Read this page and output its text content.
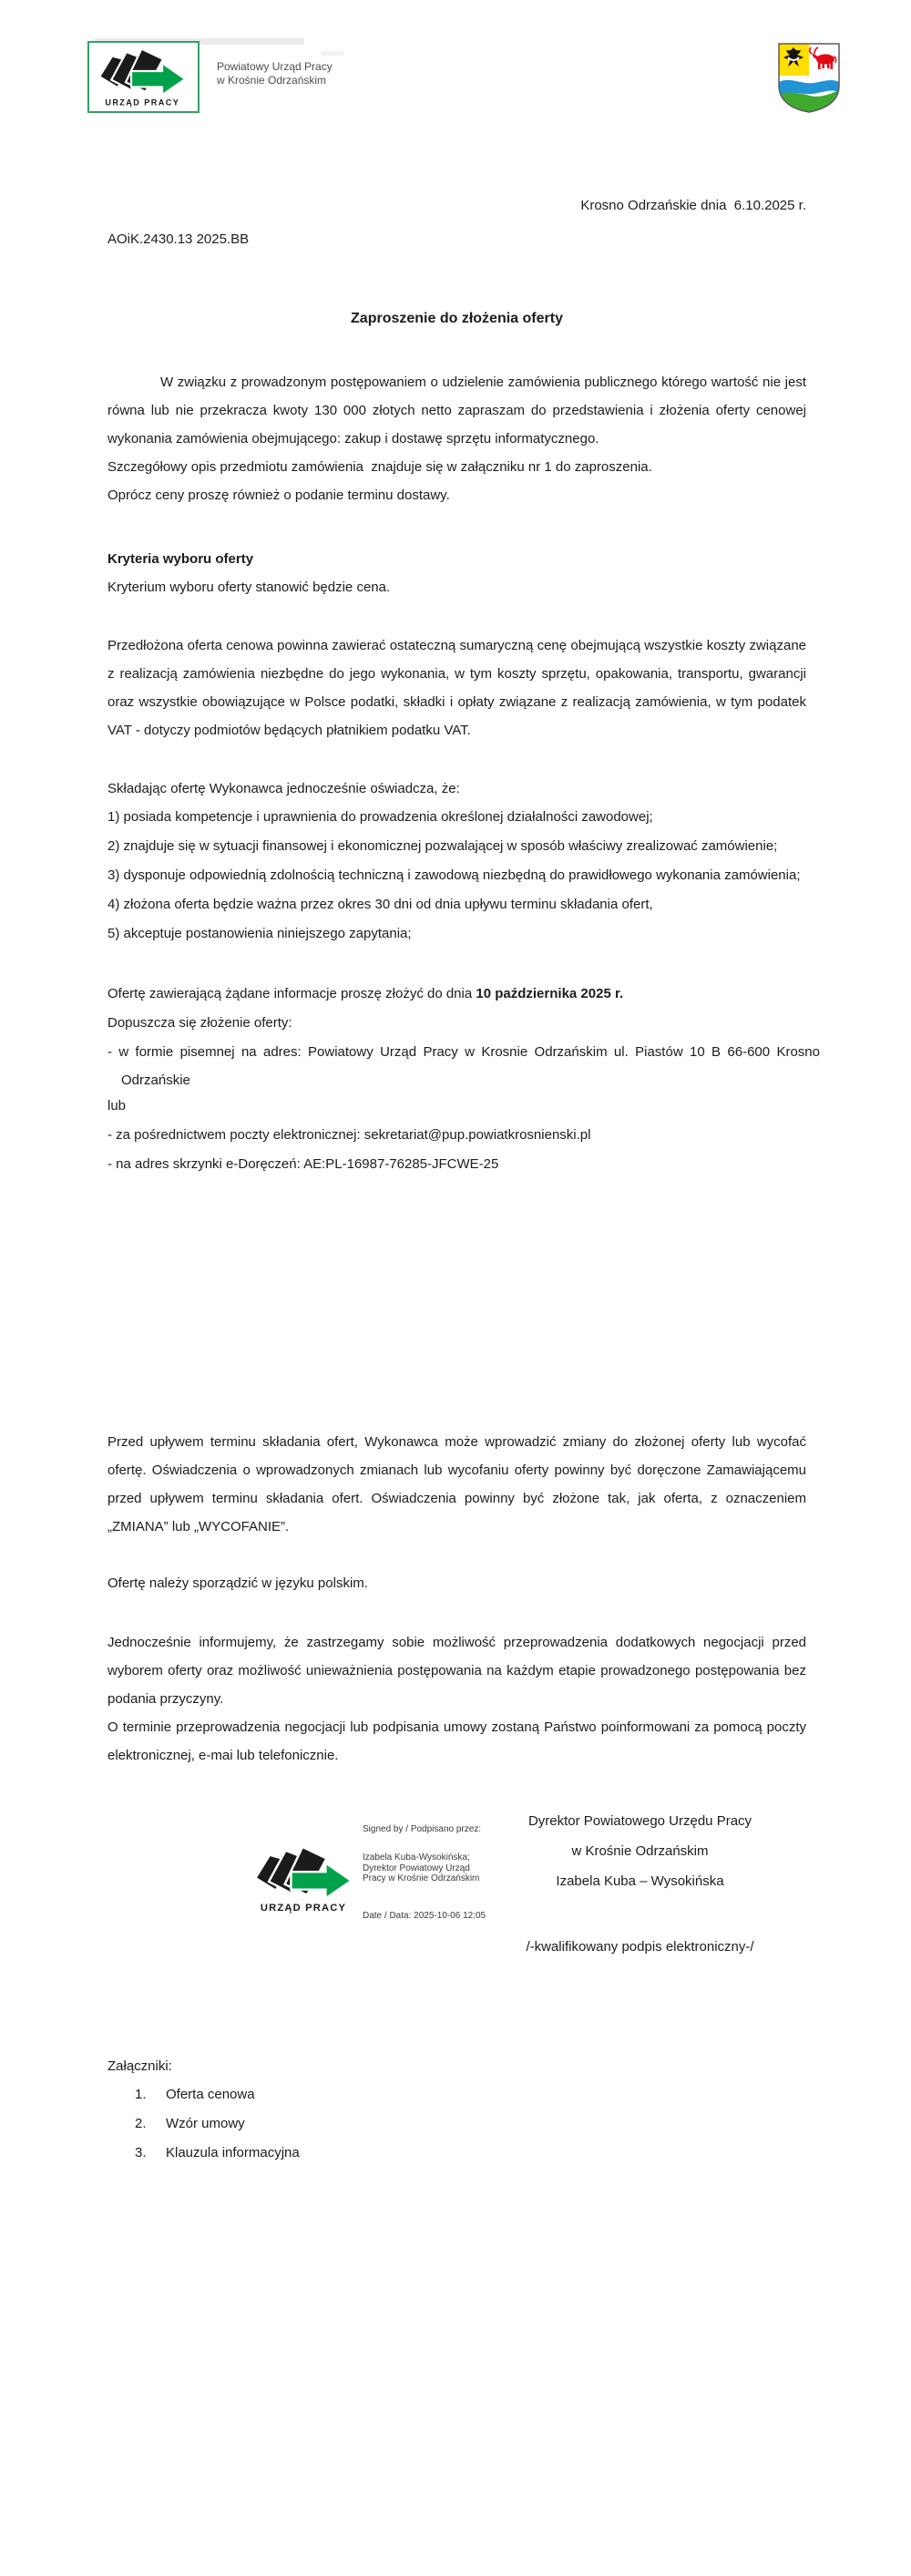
URZĄD PRACY
Powiatowy Urząd Pracy
w Krośnie Odrzańskim
Krosno Odrzańskie dnia  6.10.2025 r.
AOiK.2430.13 2025.BB
Zaproszenie do złożenia oferty
W związku z prowadzonym postępowaniem o udzielenie zamówienia publicznego którego wartość nie jest równa lub nie przekracza kwoty 130 000 złotych netto zapraszam do przedstawienia i złożenia oferty cenowej wykonania zamówienia obejmującego: zakup i dostawę sprzętu informatycznego.
Szczegółowy opis przedmiotu zamówienia  znajduje się w załączniku nr 1 do zaproszenia.
Oprócz ceny proszę również o podanie terminu dostawy.
Kryteria wyboru oferty
Kryterium wyboru oferty stanowić będzie cena.
Przedłożona oferta cenowa powinna zawierać ostateczną sumaryczną cenę obejmującą wszystkie koszty związane z realizacją zamówienia niezbędne do jego wykonania, w tym koszty sprzętu, opakowania, transportu, gwarancji oraz wszystkie obowiązujące w Polsce podatki, składki i opłaty związane z realizacją zamówienia, w tym podatek VAT - dotyczy podmiotów będących płatnikiem podatku VAT.
Składając ofertę Wykonawca jednocześnie oświadcza, że:
1) posiada kompetencje i uprawnienia do prowadzenia określonej działalności zawodowej;
2) znajduje się w sytuacji finansowej i ekonomicznej pozwalającej w sposób właściwy zrealizować zamówienie;
3) dysponuje odpowiednią zdolnością techniczną i zawodową niezbędną do prawidłowego wykonania zamówienia;
4) złożona oferta będzie ważna przez okres 30 dni od dnia upływu terminu składania ofert,
5) akceptuje postanowienia niniejszego zapytania;
Ofertę zawierającą żądane informacje proszę złożyć do dnia 10 października 2025 r.
Dopuszcza się złożenie oferty:
- w formie pisemnej na adres: Powiatowy Urząd Pracy w Krosnie Odrzańskim ul. Piastów 10 B 66-600 Krosno Odrzańskie
lub
- za pośrednictwem poczty elektronicznej: sekretariat@pup.powiatkrosnienski.pl
- na adres skrzynki e-Doręczeń: AE:PL-16987-76285-JFCWE-25
Przed upływem terminu składania ofert, Wykonawca może wprowadzić zmiany do złożonej oferty lub wycofać ofertę. Oświadczenia o wprowadzonych zmianach lub wycofaniu oferty powinny być doręczone Zamawiającemu przed upływem terminu składania ofert. Oświadczenia powinny być złożone tak, jak oferta, z oznaczeniem „ZMIANA” lub „WYCOFANIE”.
Ofertę należy sporządzić w języku polskim.
Jednocześnie informujemy, że zastrzegamy sobie możliwość przeprowadzenia dodatkowych negocjacji przed wyborem oferty oraz możliwość unieważnienia postępowania na każdym etapie prowadzonego postępowania bez podania przyczyny.
O terminie przeprowadzenia negocjacji lub podpisania umowy zostaną Państwo poinformowani za pomocą poczty elektronicznej, e-mai lub telefonicznie.
URZĄD PRACY
Signed by / Podpisano przez:
Izabela Kuba-Wysokińska; Dyrektor Powiatowy Urząd Pracy w Krośnie Odrzańskim
Date / Data: 2025-10-06 12:05
Dyrektor Powiatowego Urzędu Pracy
w Krośnie Odrzańskim
Izabela Kuba – Wysokińska
/-kwalifikowany podpis elektroniczny-/
Załączniki:
1.	Oferta cenowa
2.	Wzór umowy
3.	Klauzula informacyjna
